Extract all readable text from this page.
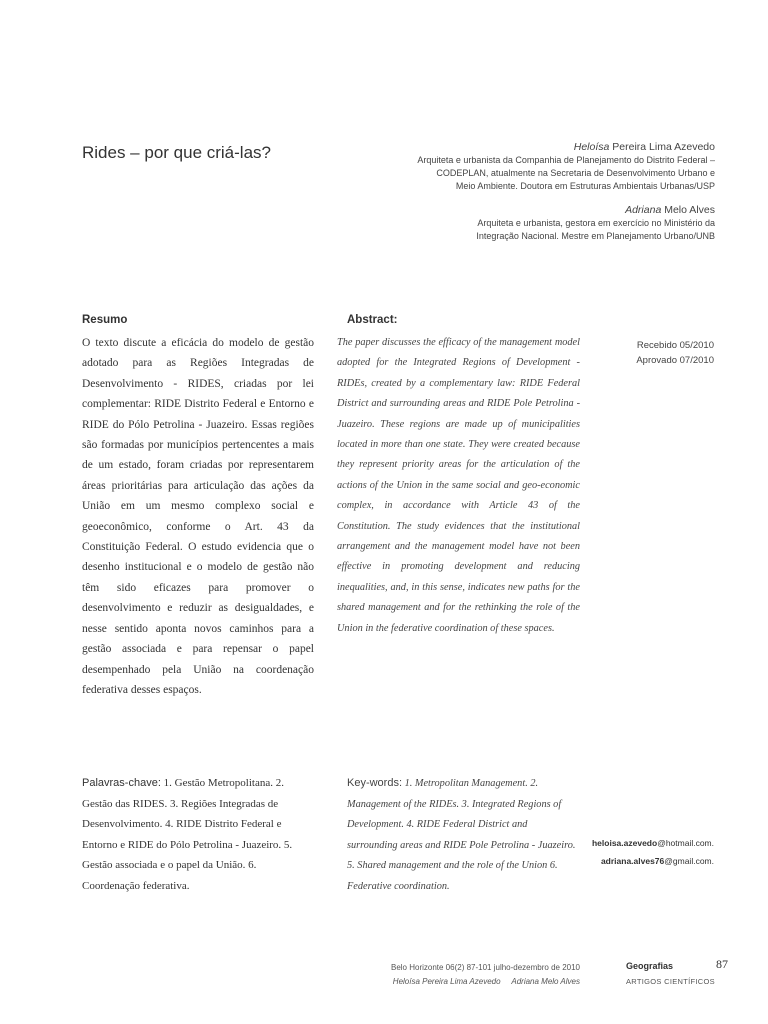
Rides – por que criá-las?	Heloísa Pereira Lima Azevedo
Arquiteta e urbanista da Companhia de Planejamento do Distrito Federal – CODEPLAN, atualmente na Secretaria de Desenvolvimento Urbano e Meio Ambiente. Doutora em Estruturas Ambientais Urbanas/USP
Adriana Melo Alves
Arquiteta e urbanista, gestora em exercício no Ministério da Integração Nacional. Mestre em Planejamento Urbano/UNB
Resumo
O texto discute a eficácia do modelo de gestão adotado para as Regiões Integradas de Desenvolvimento - RIDES, criadas por lei complementar: RIDE Distrito Federal e Entorno e RIDE do Pólo Petrolina - Juazeiro. Essas regiões são formadas por municípios pertencentes a mais de um estado, foram criadas por representarem áreas prioritárias para articulação das ações da União em um mesmo complexo social e geoeconômico, conforme o Art. 43 da Constituição Federal. O estudo evidencia que o desenho institucional e o modelo de gestão não têm sido eficazes para promover o desenvolvimento e reduzir as desigualdades, e nesse sentido aponta novos caminhos para a gestão associada e para repensar o papel desempenhado pela União na coordenação federativa desses espaços.
Abstract:
The paper discusses the efficacy of the management model adopted for the Integrated Regions of Development - RIDEs, created by a complementary law: RIDE Federal District and surrounding areas and RIDE Pole Petrolina - Juazeiro. These regions are made up of municipalities located in more than one state. They were created because they represent priority areas for the articulation of the actions of the Union in the same social and geo-economic complex, in accordance with Article 43 of the Constitution. The study evidences that the institutional arrangement and the management model have not been effective in promoting development and reducing inequalities, and, in this sense, indicates new paths for the shared management and for the rethinking the role of the Union in the federative coordination of these spaces.
Recebido 05/2010
Aprovado 07/2010
Palavras-chave: 1. Gestão Metropolitana. 2. Gestão das RIDES. 3. Regiões Integradas de Desenvolvimento. 4. RIDE Distrito Federal e Entorno e RIDE do Pólo Petrolina - Juazeiro. 5. Gestão associada e o papel da União. 6. Coordenação federativa.
Key-words: 1. Metropolitan Management. 2. Management of the RIDEs. 3. Integrated Regions of Development. 4. RIDE Federal District and surrounding areas and RIDE Pole Petrolina - Juazeiro. 5. Shared management and the role of the Union 6. Federative coordination.
heloisa.azevedo@hotmail.com.
adriana.alves76@gmail.com.
Belo Horizonte 06(2) 87-101 julho-dezembro de 2010
Heloísa Pereira Lima Azevedo     Adriana Melo Alves
Geografias
ARTIGOS CIENTÍFICOS
87
